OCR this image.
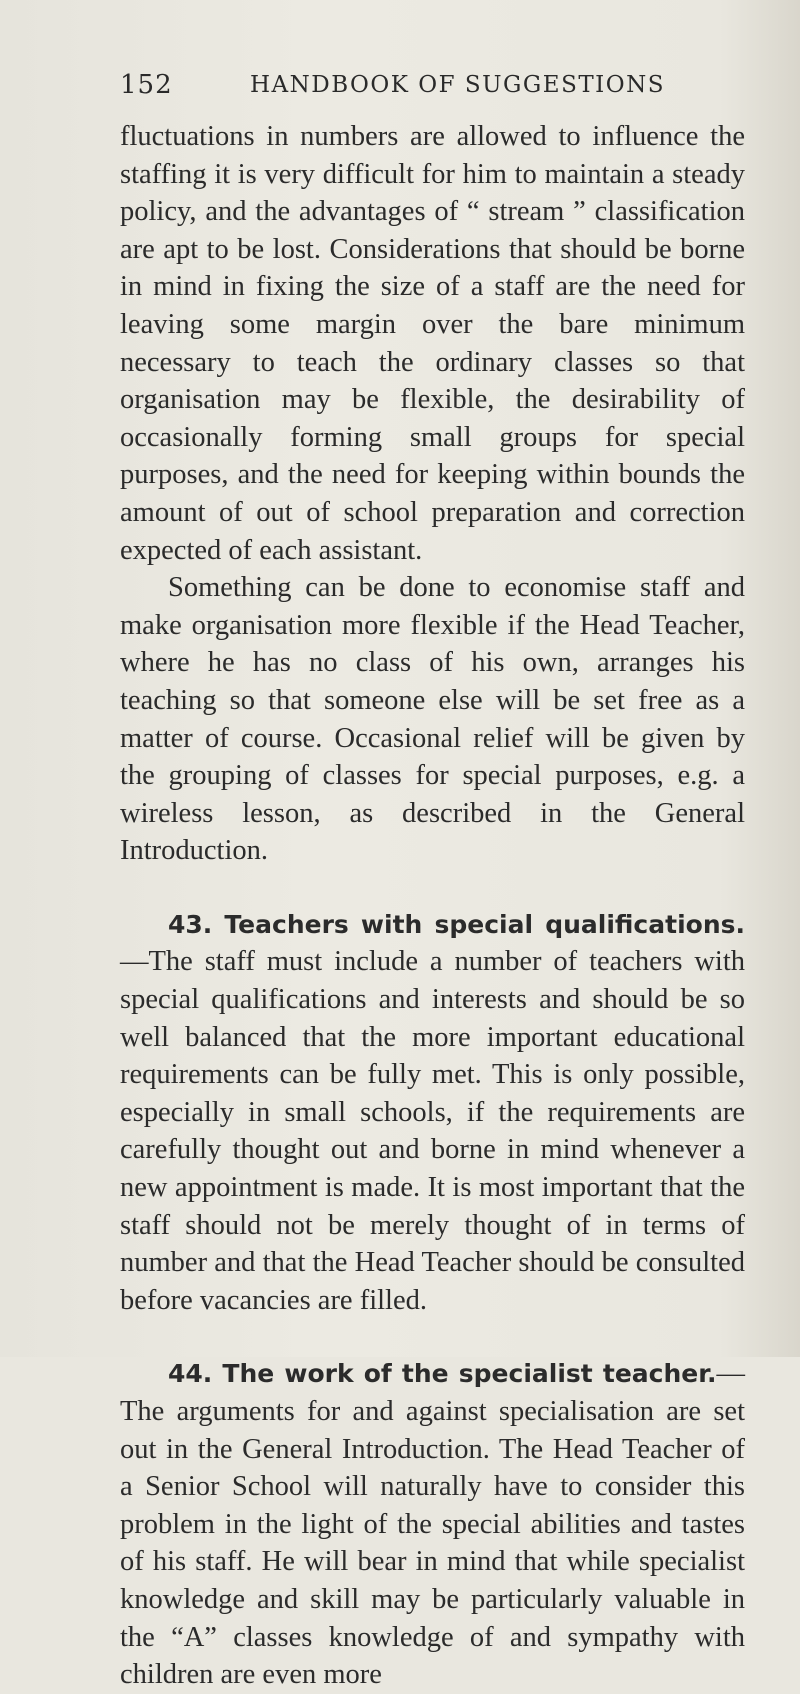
152	HANDBOOK OF SUGGESTIONS

fluctuations in numbers are allowed to influence the staffing it is very difficult for him to maintain a steady policy, and the advantages of “ stream ” classification are apt to be lost. Considerations that should be borne in mind in fixing the size of a staff are the need for leaving some margin over the bare minimum necessary to teach the ordinary classes so that organisation may be flexible, the desirability of occasionally forming small groups for special purposes, and the need for keeping within bounds the amount of out of school preparation and correction expected of each assistant.

Something can be done to economise staff and make organisation more flexible if the Head Teacher, where he has no class of his own, arranges his teaching so that someone else will be set free as a matter of course. Occasional relief will be given by the grouping of classes for special purposes, e.g. a wireless lesson, as described in the General Introduction.

43. Teachers with special qualifications.—The staff must include a number of teachers with special qualifications and interests and should be so well balanced that the more important educational requirements can be fully met. This is only possible, especially in small schools, if the requirements are carefully thought out and borne in mind whenever a new appointment is made. It is most important that the staff should not be merely thought of in terms of number and that the Head Teacher should be consulted before vacancies are filled.

44. The work of the specialist teacher.—The arguments for and against specialisation are set out in the General Introduction. The Head Teacher of a Senior School will naturally have to consider this problem in the light of the special abilities and tastes of his staff. He will bear in mind that while specialist knowledge and skill may be particularly valuable in the “A” classes knowledge of and sympathy with children are even more
